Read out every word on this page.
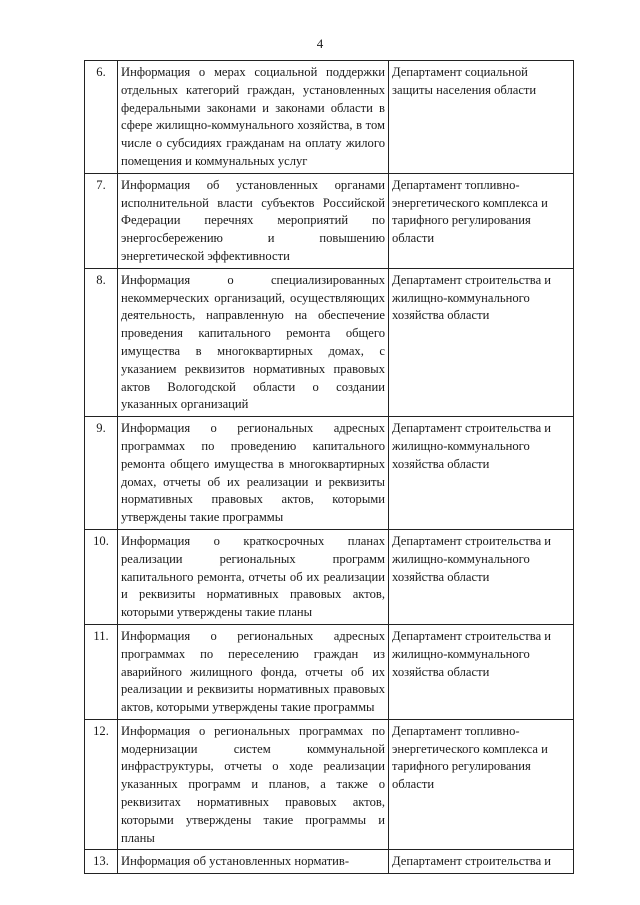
4
6.	Информация о мерах социальной поддержки отдельных категорий граждан, установленных федеральными законами и законами области в сфере жилищно-коммунального хозяйства, в том числе о субсидиях гражданам на оплату жилого помещения и коммунальных услуг	Департамент социальной защиты населения области
7.	Информация об установленных органами исполнительной власти субъектов Российской Федерации перечнях мероприятий по энергосбережению и повышению энергетической эффективности	Департамент топливно-энергетического комплекса и тарифного регулирования области
8.	Информация о специализированных некоммерческих организаций, осуществляющих деятельность, направленную на обеспечение проведения капитального ремонта общего имущества в многоквартирных домах, с указанием реквизитов нормативных правовых актов Вологодской области о создании указанных организаций	Департамент строительства и жилищно-коммунального хозяйства области
9.	Информация о региональных адресных программах по проведению капитального ремонта общего имущества в многоквартирных домах, отчеты об их реализации и реквизиты нормативных правовых актов, которыми утверждены такие программы	Департамент строительства и жилищно-коммунального хозяйства области
10.	Информация о краткосрочных планах реализации региональных программ капитального ремонта, отчеты об их реализации и реквизиты нормативных правовых актов, которыми утверждены такие планы	Департамент строительства и жилищно-коммунального хозяйства области
11.	Информация о региональных адресных программах по переселению граждан из аварийного жилищного фонда, отчеты об их реализации и реквизиты нормативных правовых актов, которыми утверждены такие программы	Департамент строительства и жилищно-коммунального хозяйства области
12.	Информация о региональных программах по модернизации систем коммунальной инфраструктуры, отчеты о ходе реализации указанных программ и планов, а также о реквизитах нормативных правовых актов, которыми утверждены такие программы и планы	Департамент топливно-энергетического комплекса и тарифного регулирования области
13.	Информация об установленных норматив-	Департамент строительства и
